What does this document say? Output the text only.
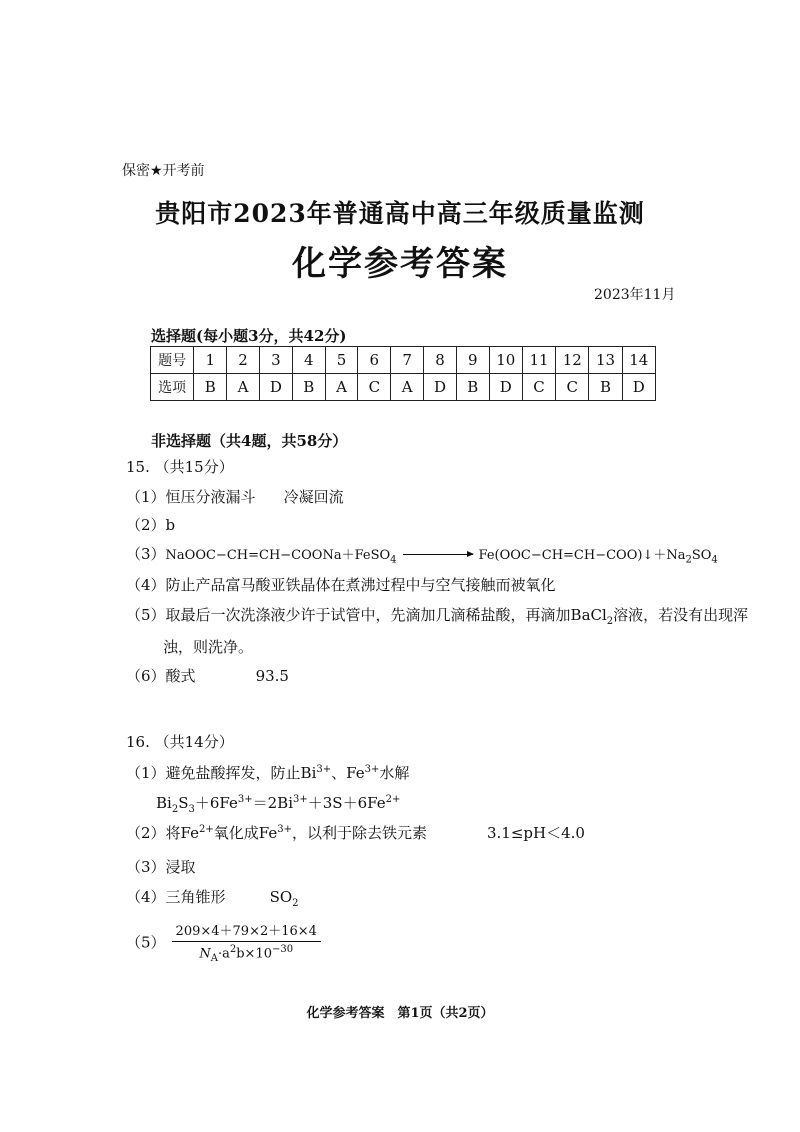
保密★开考前
贵阳市2023年普通高中高三年级质量监测
化学参考答案
2023年11月
选择题(每小题3分，共42分)
题号	1	2	3	4	5	6	7	8	9	10	11	12	13	14
选项	B	A	D	B	A	C	A	D	B	D	C	C	B	D
非选择题（共4题，共58分）
15. （共15分）
（1）恒压分液漏斗 冷凝回流
（2）b
（3）NaOOC−CH=CH−COONa＋FeSO$_4$	$Fe(OOC-CH=CH-COO)↓+Na_2SO_4$
（4）防止产品富马酸亚铁晶体在煮沸过程中与空气接触而被氧化
（5）取最后一次洗涤液少许于试管中，先滴加几滴稀盐酸，再滴加BaCl$_2$溶液，若没有出现浑
浊，则洗净。
（6）酸式	93.5
16. （共14分）
（1）避免盐酸挥发，防止$Bi^{3+}$、$Fe^{3+}$水解
$Bi_2S_3+6Fe^{3+}=2Bi^{3+}+3S+6Fe^{2+}$
（2）将$Fe^{2+}$氧化成$Fe^{3+}$，以利于除去铁元素	3.1≤pH＜4.0
（3）浸取
（4）三角锥形	$SO_2$
$(5) \frac{209\times 4+79\times 2+16\times 4}{N_A\cdot a^2b\times 10^{-30}}$
化学参考答案　第1页（共2页）
